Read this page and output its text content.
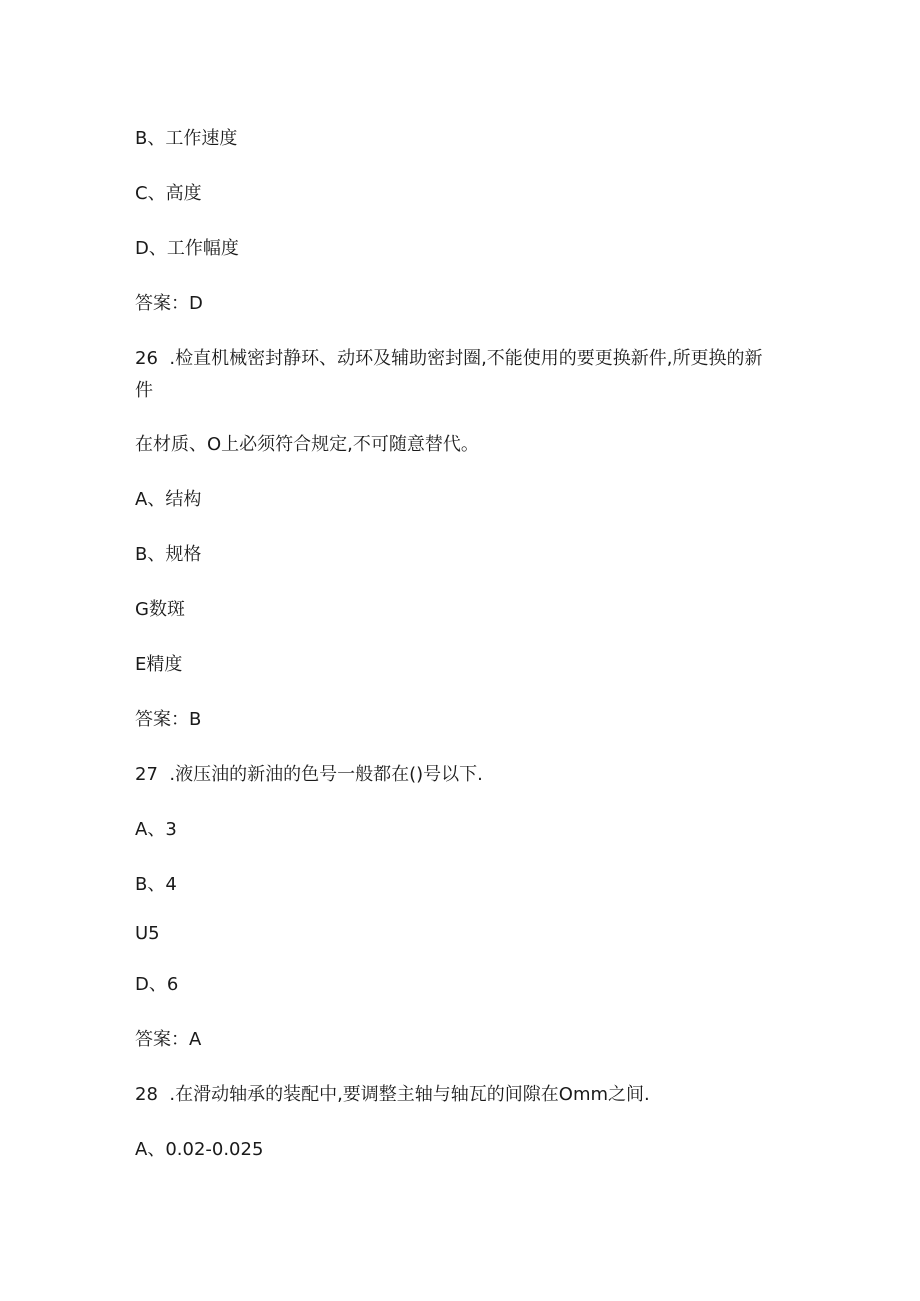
B、工作速度
C、高度
D、工作幅度
答案：D
26  .检直机械密封静环、动环及辅助密封圈,不能使用的要更换新件,所更换的新
件
在材质、O上必须符合规定,不可随意替代。
A、结构
B、规格
G数斑
E精度
答案：B
27  .液压油的新油的色号一般都在()号以下.
A、3
B、4
U5
D、6
答案：A
28  .在滑动轴承的装配中,要调整主轴与轴瓦的间隙在Omm之间.
A、0.02-0.025
